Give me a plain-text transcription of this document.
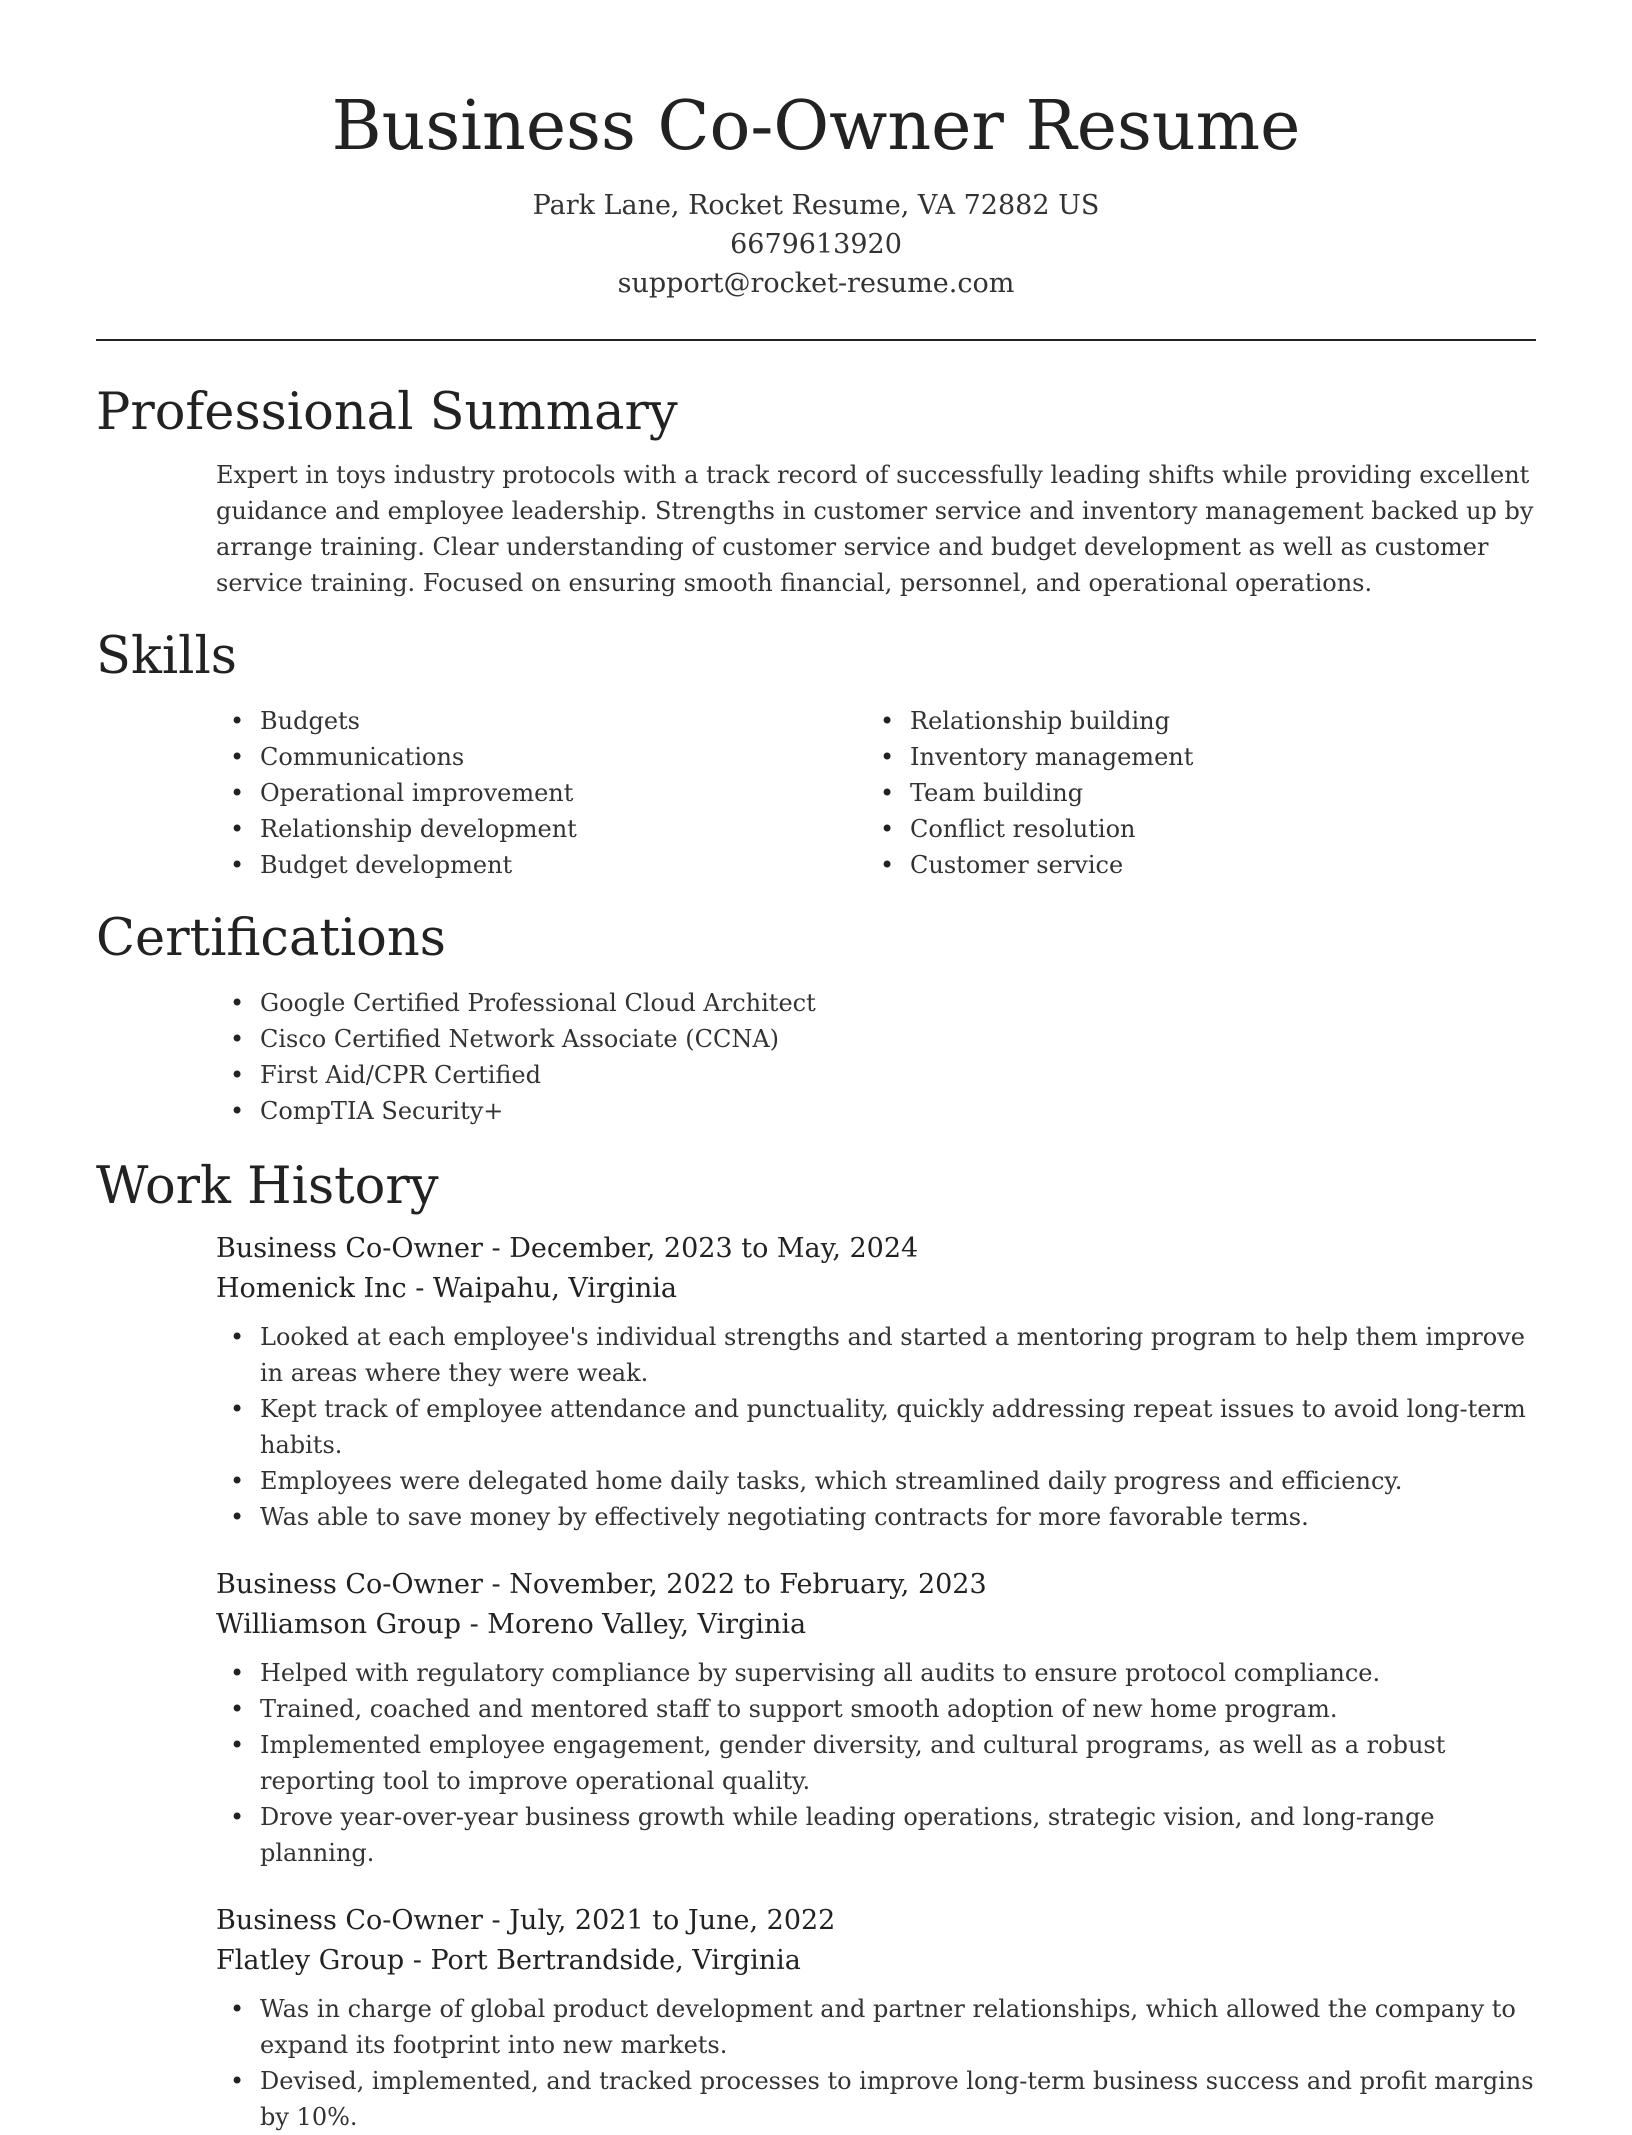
Business Co-Owner Resume
Park Lane, Rocket Resume, VA 72882 US
6679613920
support@rocket-resume.com
Professional Summary

Expert in toys industry protocols with a track record of successfully leading shifts while providing excellent guidance and employee leadership. Strengths in customer service and inventory management backed up by arrange training. Clear understanding of customer service and budget development as well as customer service training. Focused on ensuring smooth financial, personnel, and operational operations.

Skills
• Budgets
• Communications
• Operational improvement
• Relationship development
• Budget development
• Relationship building
• Inventory management
• Team building
• Conflict resolution
• Customer service
Certifications
• Google Certified Professional Cloud Architect
• Cisco Certified Network Associate (CCNA)
• First Aid/CPR Certified
• CompTIA Security+
Work History
Business Co-Owner - December, 2023 to May, 2024
Homenick Inc - Waipahu, Virginia
• Looked at each employee's individual strengths and started a mentoring program to help them improve in areas where they were weak.
• Kept track of employee attendance and punctuality, quickly addressing repeat issues to avoid long-term habits.
• Employees were delegated home daily tasks, which streamlined daily progress and efficiency.
• Was able to save money by effectively negotiating contracts for more favorable terms.
Business Co-Owner - November, 2022 to February, 2023
Williamson Group - Moreno Valley, Virginia
• Helped with regulatory compliance by supervising all audits to ensure protocol compliance.
• Trained, coached and mentored staff to support smooth adoption of new home program.
• Implemented employee engagement, gender diversity, and cultural programs, as well as a robust reporting tool to improve operational quality.
• Drove year-over-year business growth while leading operations, strategic vision, and long-range planning.
Business Co-Owner - July, 2021 to June, 2022
Flatley Group - Port Bertrandside, Virginia
• Was in charge of global product development and partner relationships, which allowed the company to expand its footprint into new markets.
• Devised, implemented, and tracked processes to improve long-term business success and profit margins by 10%.
